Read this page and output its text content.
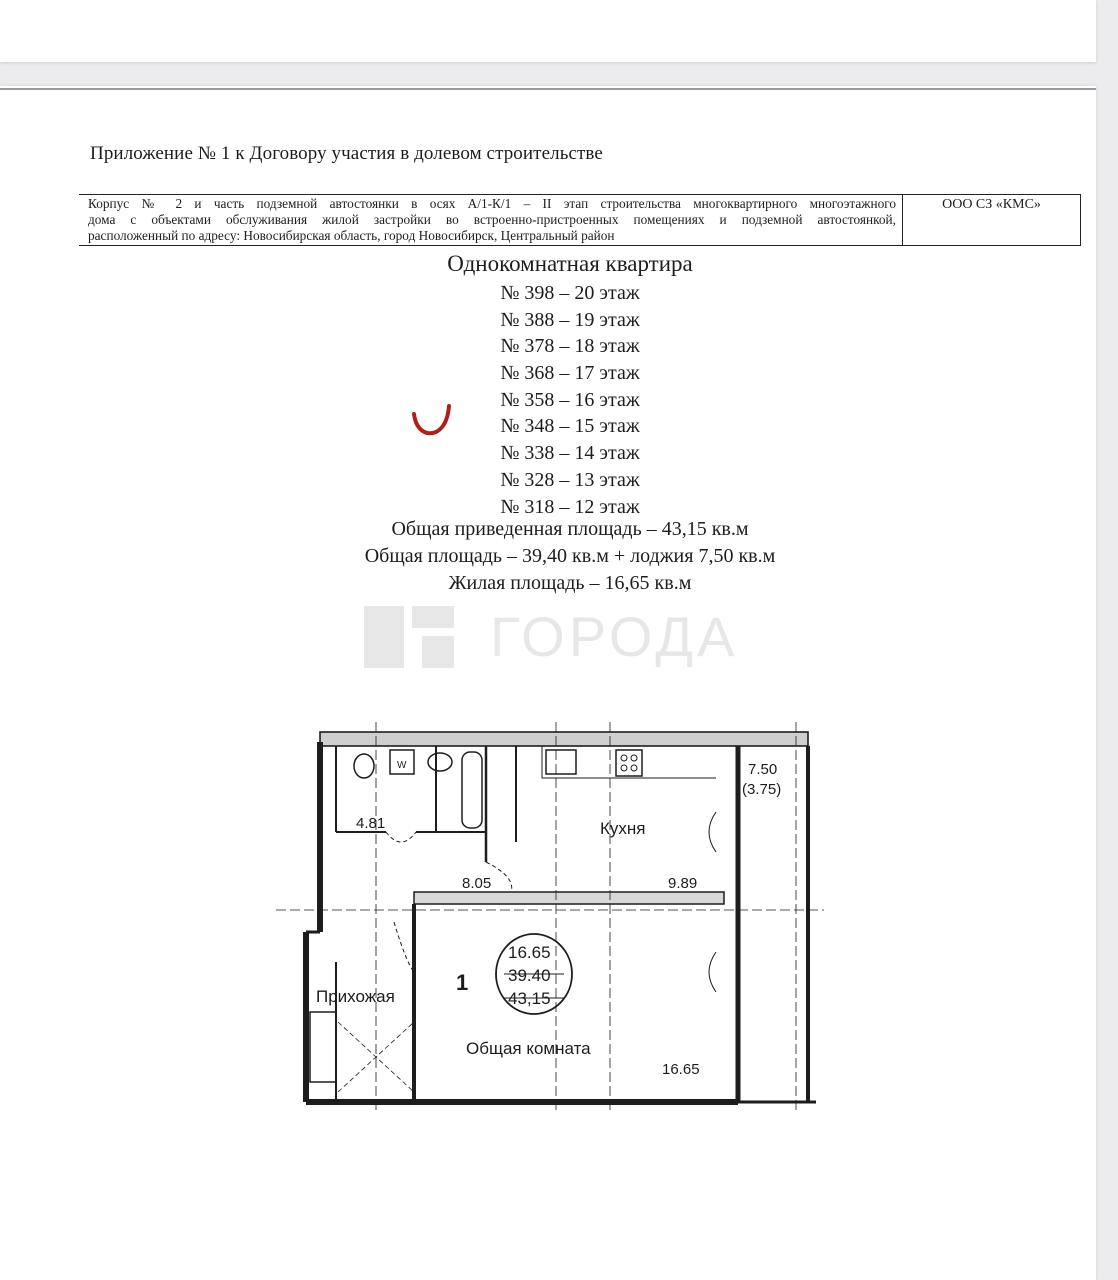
Приложение № 1 к Договору участия в долевом строительстве
Корпус № 2 и часть подземной автостоянки в осях А/1-К/1 – II этап строительства многоквартирного многоэтажного
дома с объектами обслуживания жилой застройки во встроенно-пристроенных помещениях и подземной автостоянкой,
расположенный по адресу: Новосибирская область, город Новосибирск, Центральный район
ООО СЗ «КМС»
Однокомнатная квартира
№ 398 – 20 этаж
№ 388 – 19 этаж
№ 378 – 18 этаж
№ 368 – 17 этаж
№ 358 – 16 этаж
№ 348 – 15 этаж
№ 338 – 14 этаж
№ 328 – 13 этаж
№ 318 – 12 этаж
Общая приведенная площадь – 43,15 кв.м
Общая площадь – 39,40 кв.м + лоджия 7,50 кв.м
Жилая площадь – 16,65 кв.м
ГОРОДА
4.81
W
8.05
Кухня
9.89
7.50
(3.75)
Прихожая
1
16.65
39.40
43,15
Общая комната
16.65
